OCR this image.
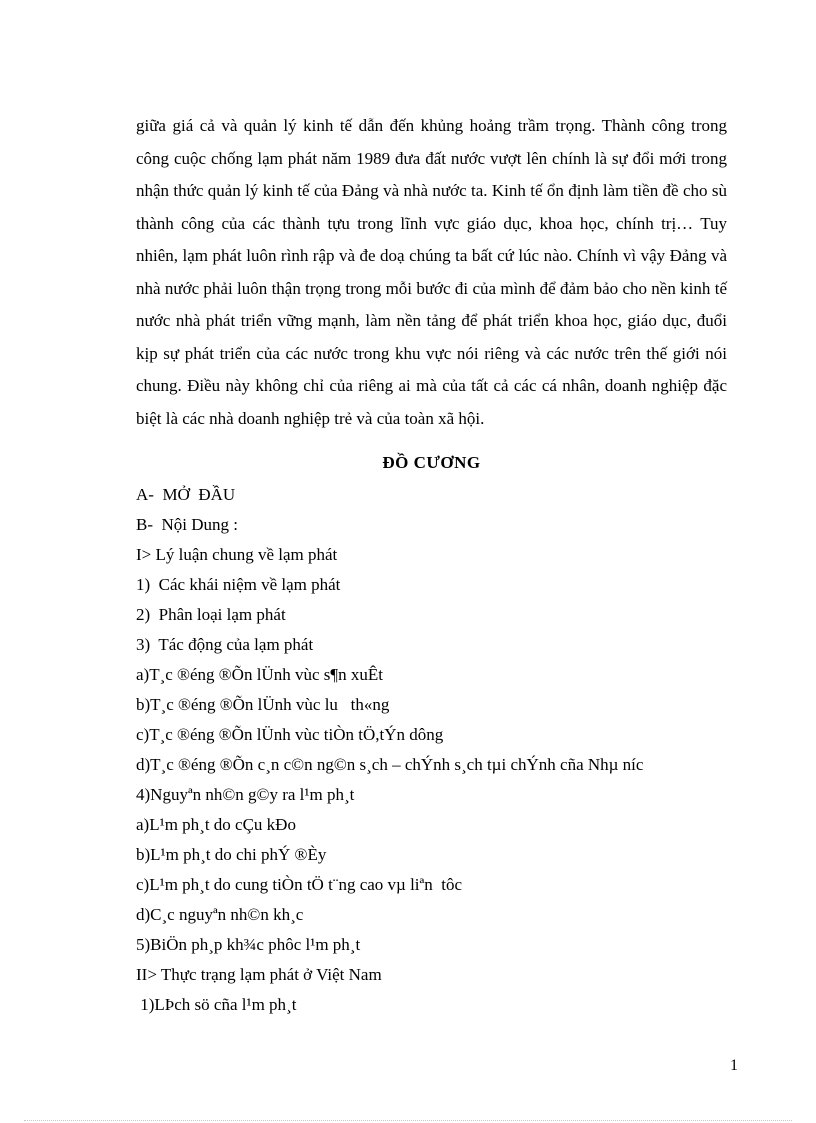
giữa giá cả và quản lý kinh tế dẫn đến khủng hoảng trầm trọng. Thành công trong công cuộc chống lạm phát năm 1989 đưa đất nước vượt lên chính là sự đổi mới trong nhận thức quản lý kinh tế của Đảng và nhà nước ta. Kinh tế ổn định làm tiền đề cho sù thành công của các thành tựu trong lĩnh vực giáo dục, khoa học, chính trị… Tuy nhiên, lạm phát luôn rình rập và đe doạ chúng ta bất cứ lúc nào. Chính vì vậy Đảng và nhà nước phải luôn thận trọng trong mỗi bước đi của mình để đảm bảo cho nền kinh tế nước nhà phát triển vững mạnh, làm nền tảng để phát triển khoa học, giáo dục, đuổi kịp sự phát triển của các nước trong khu vực nói riêng và các nước trên thế giới nói chung. Điều này không chỉ của riêng ai mà của tất cả các cá nhân, doanh nghiệp đặc biệt là các nhà doanh nghiệp trẻ và của toàn xã hội.

ĐỒ CƯƠNG
A-  MỞ  ĐẦU
B-  Nội Dung :
I> Lý luận chung về lạm phát
1)  Các khái niệm về lạm phát
2)  Phân loại lạm phát
3)  Tác động của lạm phát
a)T¸c ®éng ®Õn lÜnh vùc s¶n xuÊt
b)T¸c ®éng ®Õn lÜnh vùc lu   th«ng
c)T¸c ®éng ®Õn lÜnh vùc tiÒn tÖ,tÝn dông
d)T¸c ®éng ®Õn c¸n c©n ng©n s¸ch – chÝnh s¸ch tµi chÝnh cña Nhµ níc
4)Nguyªn nh©n g©y ra l¹m ph¸t
a)L¹m ph¸t do cÇu kÐo
b)L¹m ph¸t do chi phÝ ®Èy
c)L¹m ph¸t do cung tiÒn tÖ t¨ng cao vµ liªn  tôc
d)C¸c nguyªn nh©n kh¸c
5)BiÖn ph¸p kh¾c phôc l¹m ph¸t
II> Thực trạng lạm phát ở Việt Nam
1)LÞch sö cña l¹m ph¸t
1
